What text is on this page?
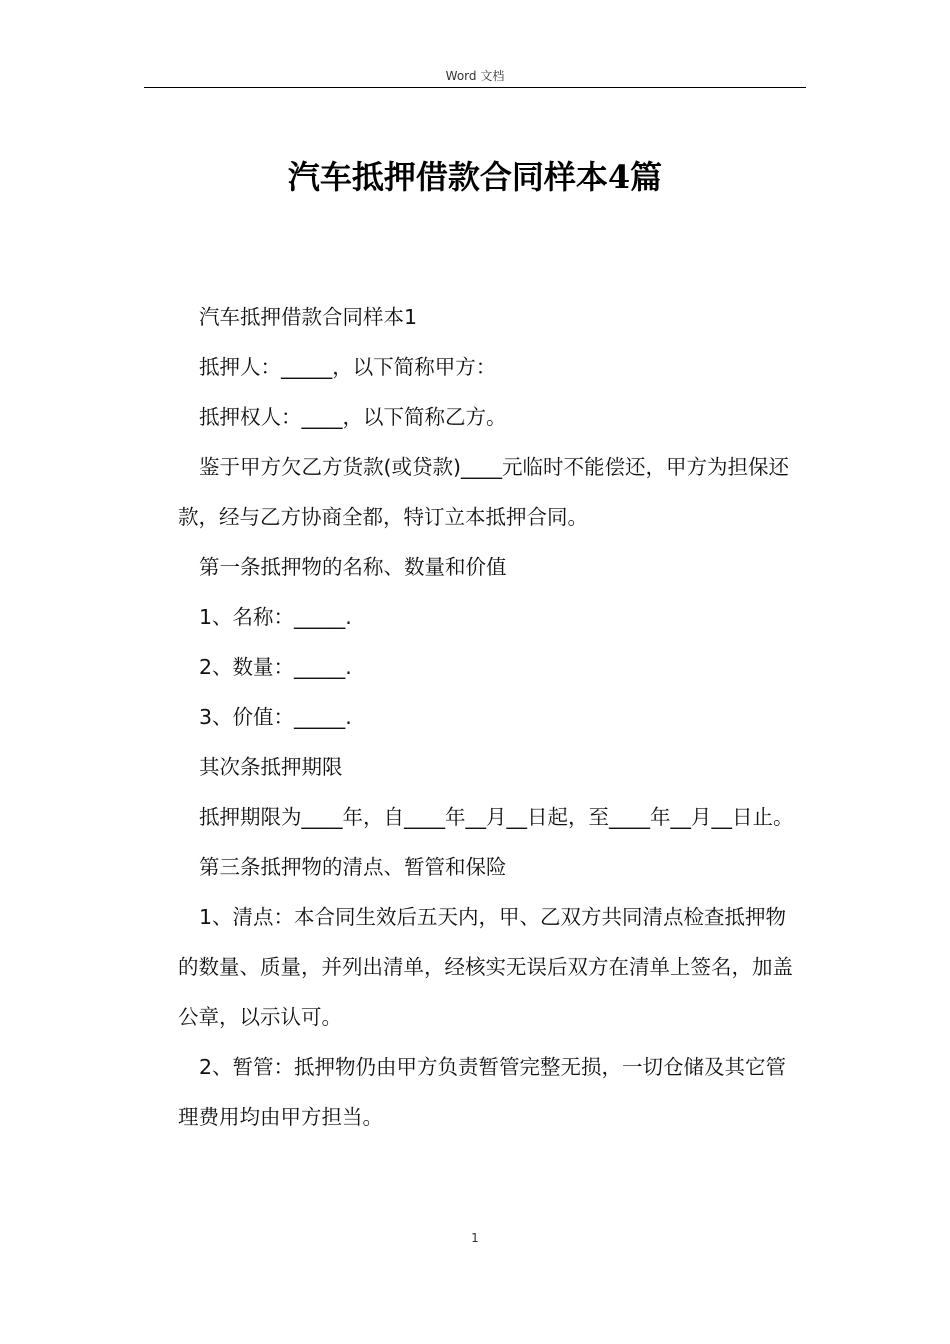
Word 文档
汽车抵押借款合同样本4篇

汽车抵押借款合同样本1

抵押人：_____，以下简称甲方：

抵押权人：____，以下简称乙方。

鉴于甲方欠乙方货款(或贷款)____元临时不能偿还，甲方为担保还款，经与乙方协商全都，特订立本抵押合同。

第一条抵押物的名称、数量和价值

1、名称：_____.

2、数量：_____.

3、价值：_____.

其次条抵押期限

抵押期限为____年，自____年__月__日起，至____年__月__日止。

第三条抵押物的清点、暂管和保险

1、清点：本合同生效后五天内，甲、乙双方共同清点检查抵押物的数量、质量，并列出清单，经核实无误后双方在清单上签名，加盖公章，以示认可。

2、暂管：抵押物仍由甲方负责暂管完整无损，一切仓储及其它管理费用均由甲方担当。

1
